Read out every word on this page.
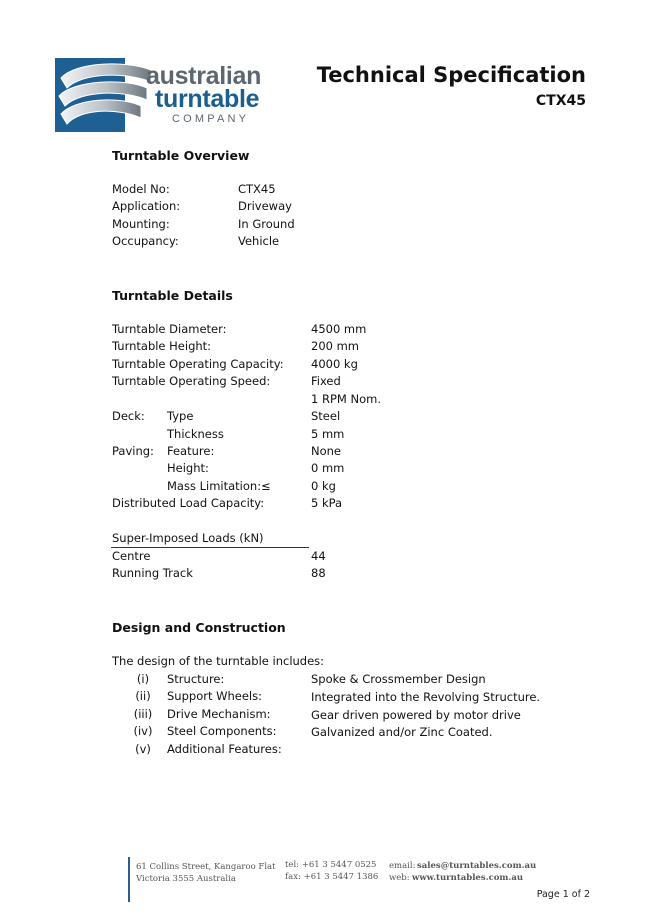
australian
turntable
COMPANY
Technical Specification
CTX45
Turntable Overview
Model No:	CTX45
Application:	Driveway
Mounting:	In Ground
Occupancy:	Vehicle
Turntable Details
Turntable Diameter:	4500 mm
Turntable Height:	200 mm
Turntable Operating Capacity: 4000 kg
Turntable Operating Speed:	Fixed
1 RPM Nom.
Deck: Type	Steel
Thickness	5 mm
Paving: Feature:	None
Height:	0 mm
Mass Limitation: ≤	0 kg
Distributed Load Capacity:	5 kPa
Super-Imposed Loads (kN)
Centre	44
Running Track	88
Design and Construction
The design of the turntable includes:
(i)	Structure:	Spoke & Crossmember Design
(ii)	Support Wheels:	Integrated into the Revolving Structure.
(iii)	Drive Mechanism:	Gear driven powered by motor drive
(iv)	Steel Components:	Galvanized and/or Zinc Coated.
(v)	Additional Features:
61 Collins Street, Kangaroo Flat
Victoria 3555 Australia
tel: +61 3 5447 0525
fax: +61 3 5447 1386
email: sales@turntables.com.au
web: www.turntables.com.au
Page 1 of 2
